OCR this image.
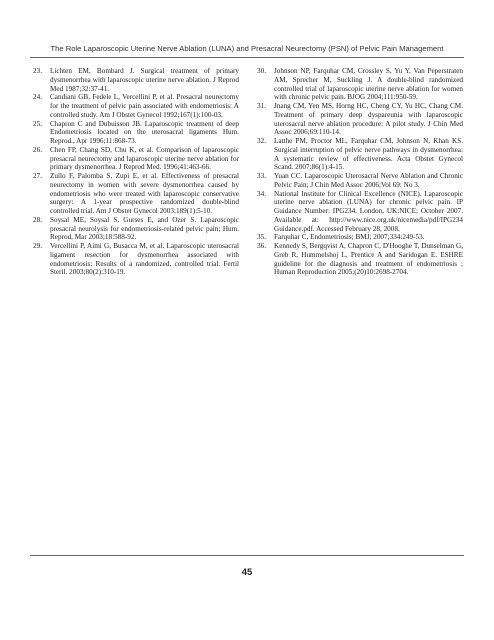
The Role Laparoscopic Uterine Nerve Ablation (LUNA) and Presacral Neurectomy (PSN) of Pelvic Pain Management
23.	Lichten EM, Bombard J. Surgical treatment of primary dysmenorrhea with laparoscopic uterine nerve ablation. J Reprod Med 1987;32:37-41.
24.	Candiani GB, Fedele L, Vercellini P, et al. Presacral neurectomy for the treatment of pelvic pain associated with endometriosis: A controlled study. Am J Obstet Gynecol 1992;167(1):100-03.
25.	Chapron C and Dubuisson JB. Laparoscopic treatment of deep Endometriosis located on the uterosacral ligaments Hum. Reprod., Apr 1996;11:868-73.
26.	Chen FP, Chang SD, Chu K, et al. Comparison of laparoscopic presacral neurectomy and laparoscopic uterine nerve ablation for primary dysmenorrhea. J Reprod Med. 1996;41:463-66.
27.	Zullo F, Palomba S, Zupi E, et al. Effectiveness of presacral neurectomy in women with severe dysmenorrhea caused by endometriosis who were treated with laparoscopic conservative surgery: A 1-year prospective randomized double-blind controlled trial. Am J Obstet Gynecol 2003;189(1):5-10.
28.	Soysal ME, Soysal S, Gurses E, and Ozer S. Laparoscopic presacral neurolysis for endometriosis-related pelvic pain; Hum. Reprod, Mar 2003;18:588-92.
29.	Vercellini P, Aimi G, Busacca M, et al. Laparoscopic uterosacral ligament resection for dysmenorrhea associated with endometriosis: Results of a randomized, controlled trial. Fertil Steril. 2003;80(2):310-19.
30.	Johnson NP, Farquhar CM, Crossley S, Yu Y, Van Peperstraten AM, Sprecher M, Suckling J. A double-blind randomized controlled trial of laparoscopic uterine nerve ablation for women with chronic pelvic pain. BJOG 2004;111:950-59.
31.	Jnang CM, Yen MS, Horng HC, Cheng CY, Yu HC, Chang CM. Treatment of primary deep dyspareunia with laparoscopic uterosacral nerve ablation procedure: A pilot study. J Chin Med Assoc 2006;69:110-14.
32.	Latthe PM, Proctor ML, Farquhar CM, Johnson N, Khan KS. Surgical interruption of pelvic nerve pathways in dysmenorrhea: A systematic review of effectiveness. Acta Obstet Gynecol Scand. 2007;86(1):4-15.
33.	Yuan CC. Laparoscopic Uterosacral Nerve Ablation and Chronic Pelvic Pain; J Chin Med Assoc 2006;Vol 69: No 3.
34.	National Institute for Clinical Excellence (NICE). Laparoscopic uterine nerve ablation (LUNA) for chronic pelvic pain. IP Guidance Number: IPG234. London, UK:NICE; October 2007. Available at: http://www.nice.org.uk/nicemedia/pdf/IPG234 Guidance.pdf. Accessed February 28, 2008.
35.	Farquhar C, Endometriosis; BMJ; 2007;334:249-53.
36.	Kennedy S, Bergqvist A, Chapron C, D'Hooghe T, Dunselman G, Greb R, Hummelshoj L, Prentice A and Saridogan E. ESHRE guideline for the diagnosis and treatment of endometriosis ; Human Reproduction 2005;(20)10:2698-2704.
45
